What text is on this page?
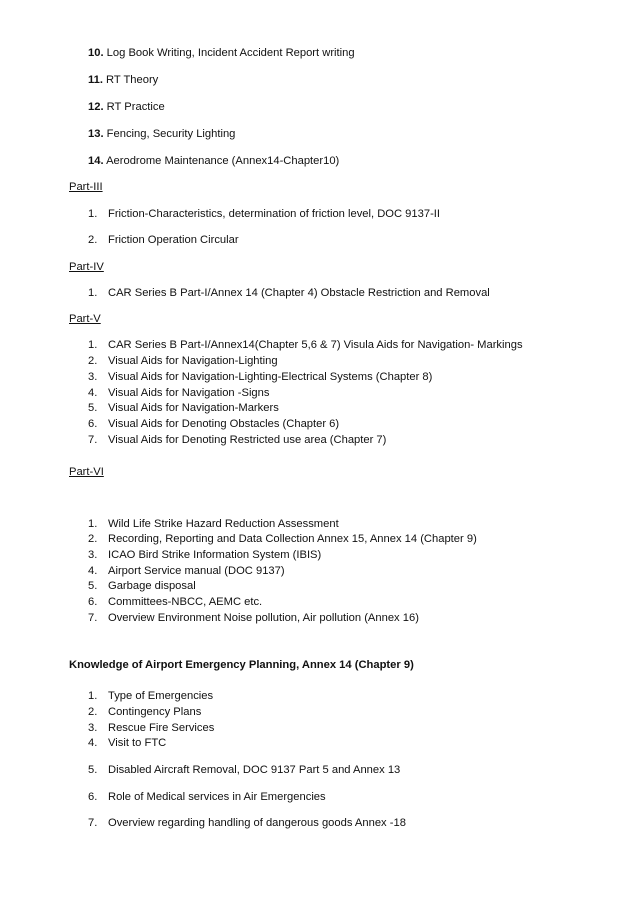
10. Log Book Writing, Incident Accident Report writing
11. RT Theory
12. RT Practice
13. Fencing, Security Lighting
14. Aerodrome Maintenance (Annex14-Chapter10)
Part-III
1. Friction-Characteristics, determination of friction level, DOC 9137-II
2. Friction Operation Circular
Part-IV
1. CAR Series B Part-I/Annex 14 (Chapter 4) Obstacle Restriction and Removal
Part-V
1. CAR Series B Part-I/Annex14(Chapter 5,6 & 7) Visula Aids for Navigation- Markings
2. Visual Aids for Navigation-Lighting
3. Visual Aids for Navigation-Lighting-Electrical Systems (Chapter 8)
4. Visual Aids for Navigation -Signs
5. Visual Aids for Navigation-Markers
6. Visual Aids for Denoting Obstacles (Chapter 6)
7. Visual Aids for Denoting Restricted use area (Chapter 7)
Part-VI
1. Wild Life Strike Hazard Reduction Assessment
2. Recording, Reporting and Data Collection Annex 15, Annex 14 (Chapter 9)
3. ICAO Bird Strike Information System (IBIS)
4. Airport Service manual (DOC 9137)
5. Garbage disposal
6. Committees-NBCC, AEMC etc.
7. Overview Environment Noise pollution, Air pollution (Annex 16)
Knowledge of Airport Emergency Planning, Annex 14 (Chapter 9)
1. Type of Emergencies
2. Contingency Plans
3. Rescue Fire Services
4. Visit to FTC
5. Disabled Aircraft Removal, DOC 9137 Part 5 and Annex 13
6. Role of Medical services in Air Emergencies
7. Overview regarding handling of dangerous goods Annex -18
